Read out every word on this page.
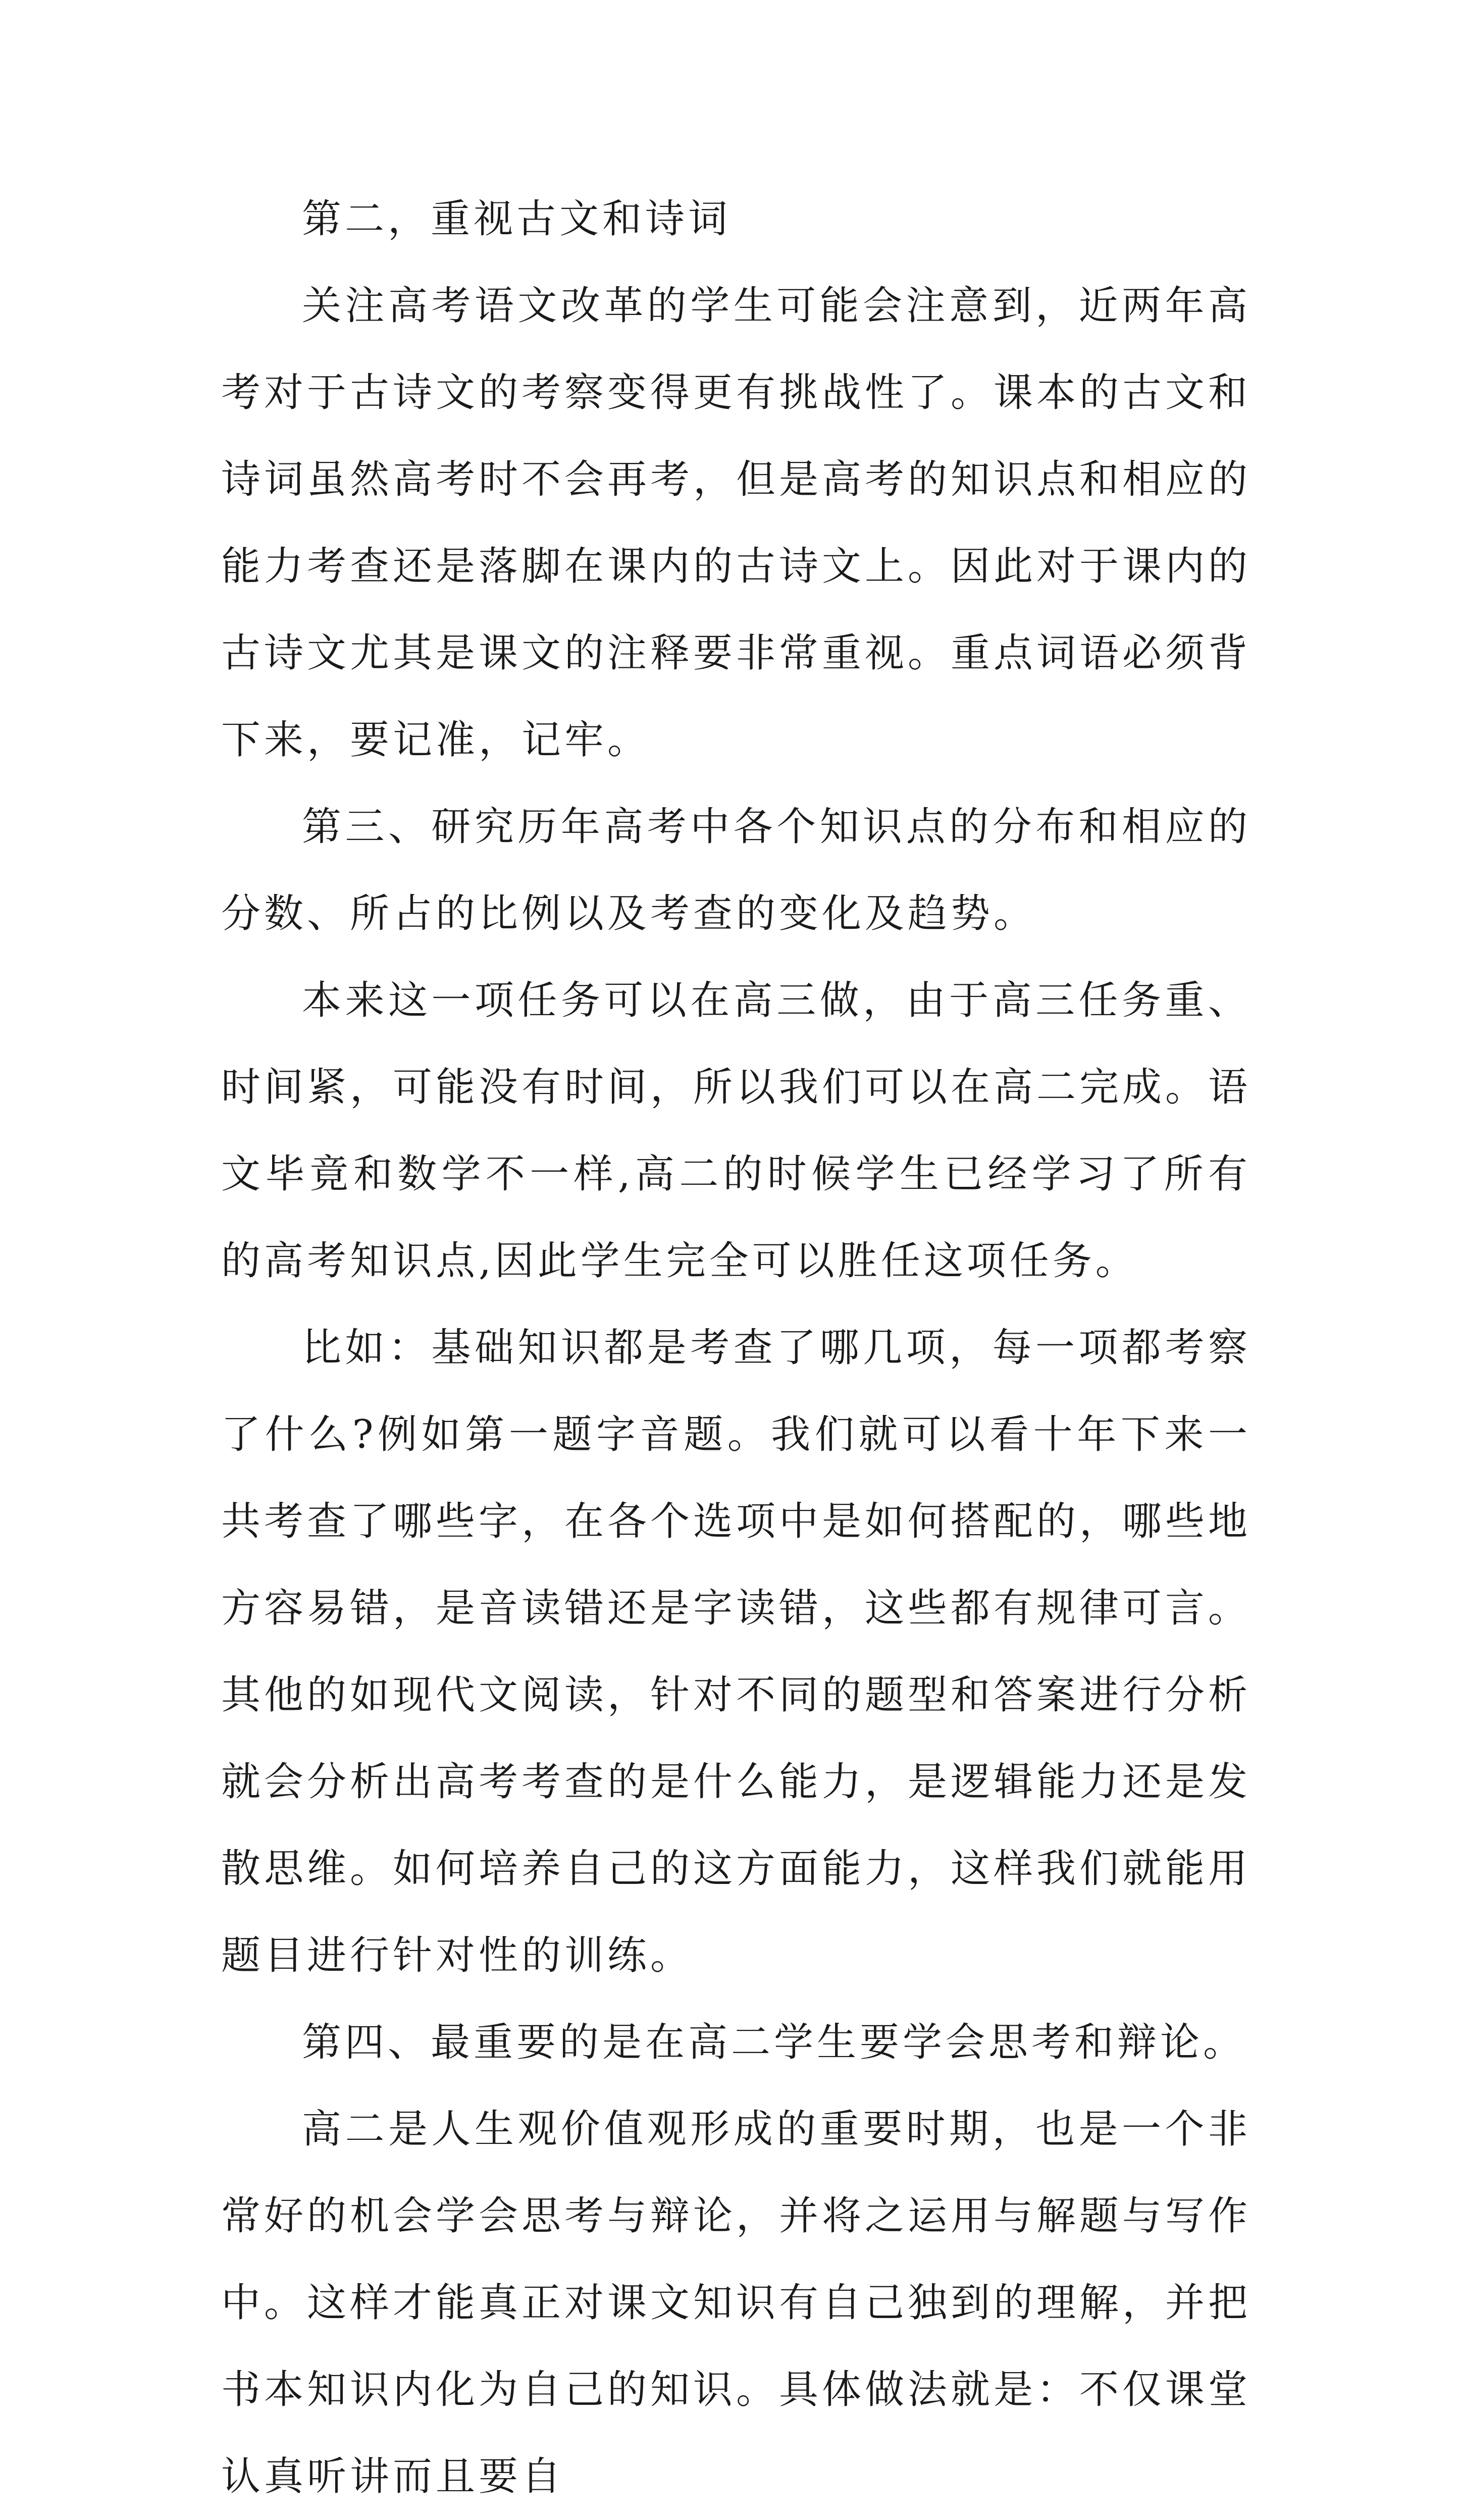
第二，重视古文和诗词

关注高考语文改革的学生可能会注意到，近两年高考对于古诗文的考察变得更有挑战性了。课本的古文和诗词虽然高考时不会再考，但是高考的知识点和相应的能力考查还是落脚在课内的古诗文上。因此对于课内的古诗文尤其是课文的注释要非常重视。重点词语必须背下来，要记准，记牢。

第三、研究历年高考中各个知识点的分布和相应的分数、所占的比例以及考查的变化及趋势。

本来这一项任务可以在高三做，由于高三任务重、时间紧，可能没有时间，所以我们可以在高二完成。语文毕竟和数学不一样,高二的时候学生已经学习了所有的高考知识点,因此学生完全可以胜任这项任务。

比如：基础知识都是考查了哪几项，每一项都考察了什么?例如第一题字音题。我们就可以看十年下来一共考查了哪些字，在各个选项中是如何搭配的，哪些地方容易错，是音读错还是字读错，这些都有规律可言。其他的如现代文阅读，针对不同的题型和答案进行分析就会分析出高考考查的是什么能力，是逻辑能力还是发散思维。如何培养自己的这方面能力，这样我们就能用题目进行针对性的训练。

第四、最重要的是在高二学生要学会思考和辩论。

高二是人生观价值观形成的重要时期，也是一个非常好的机会学会思考与辩论，并将之运用与解题与写作中。这样才能真正对课文知识有自己独到的理解，并把书本知识内化为自己的知识。具体做法就是：不仅课堂认真听讲而且要自
